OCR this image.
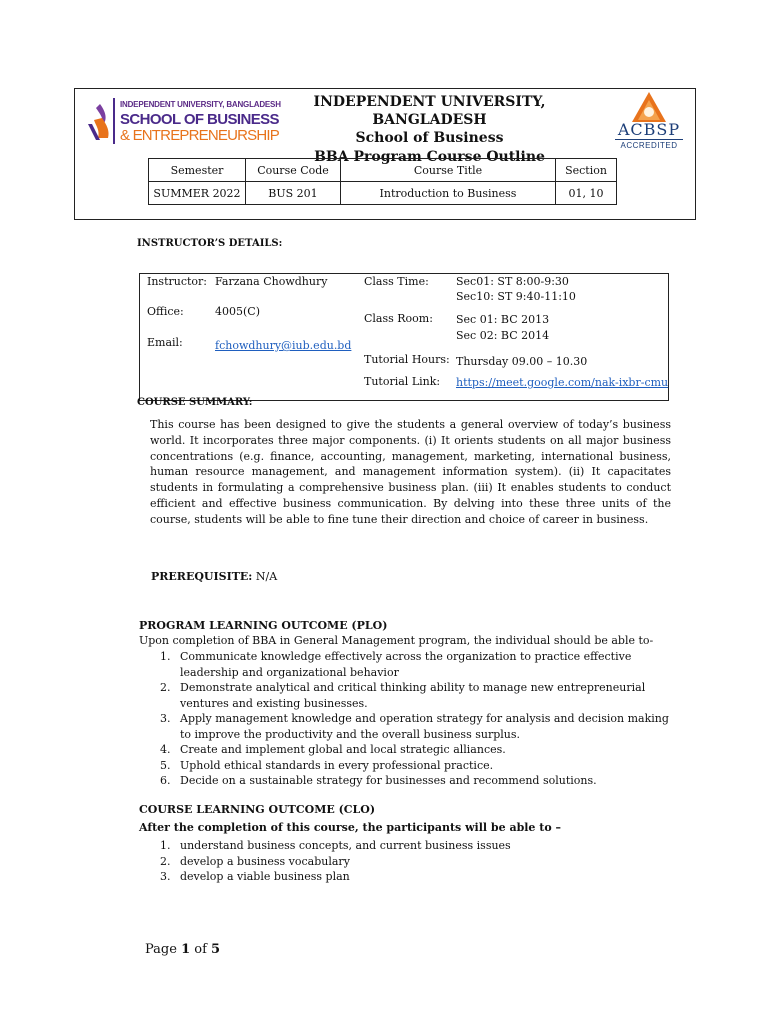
INDEPENDENT UNIVERSITY, BANGLADESH
SCHOOL OF BUSINESS
& ENTREPRENEURSHIP
INDEPENDENT UNIVERSITY, BANGLADESH
School of Business
BBA Program Course Outline
ACBSP
ACCREDITED
Semester	Course Code	Course Title	Section
SUMMER 2022	BUS 201	Introduction to Business	01, 10
INSTRUCTOR’S DETAILS:
Instructor: Farzana Chowdhury
Office:	4005(C)
Email:	fchowdhury@iub.edu.bd
Class Time: Sec01: ST 8:00-9:30
Sec10: ST 9:40-11:10
Class Room: Sec 01: BC 2013
Sec 02: BC 2014
Tutorial Hours: Thursday 09.00 – 10.30
Tutorial Link: https://meet.google.com/nak-ixbr-cmu
COURSE SUMMARY:
This course has been designed to give the students a general overview of today’s business world. It incorporates three major components. (i) It orients students on all major business concentrations (e.g. finance, accounting, management, marketing, international business, human resource management, and management information system). (ii) It capacitates students in formulating a comprehensive business plan. (iii) It enables students to conduct efficient and effective business communication. By delving into these three units of the course, students will be able to fine tune their direction and choice of career in business.
PREREQUISITE: N/A
PROGRAM LEARNING OUTCOME (PLO)
Upon completion of BBA in General Management program, the individual should be able to-
1. Communicate knowledge effectively across the organization to practice effective leadership and organizational behavior
2. Demonstrate analytical and critical thinking ability to manage new entrepreneurial ventures and existing businesses.
3. Apply management knowledge and operation strategy for analysis and decision making to improve the productivity and the overall business surplus.
4. Create and implement global and local strategic alliances.
5. Uphold ethical standards in every professional practice.
6. Decide on a sustainable strategy for businesses and recommend solutions.
COURSE LEARNING OUTCOME (CLO)
After the completion of this course, the participants will be able to –
1. understand business concepts, and current business issues
2. develop a business vocabulary
3. develop a viable business plan
Page 1 of 5
